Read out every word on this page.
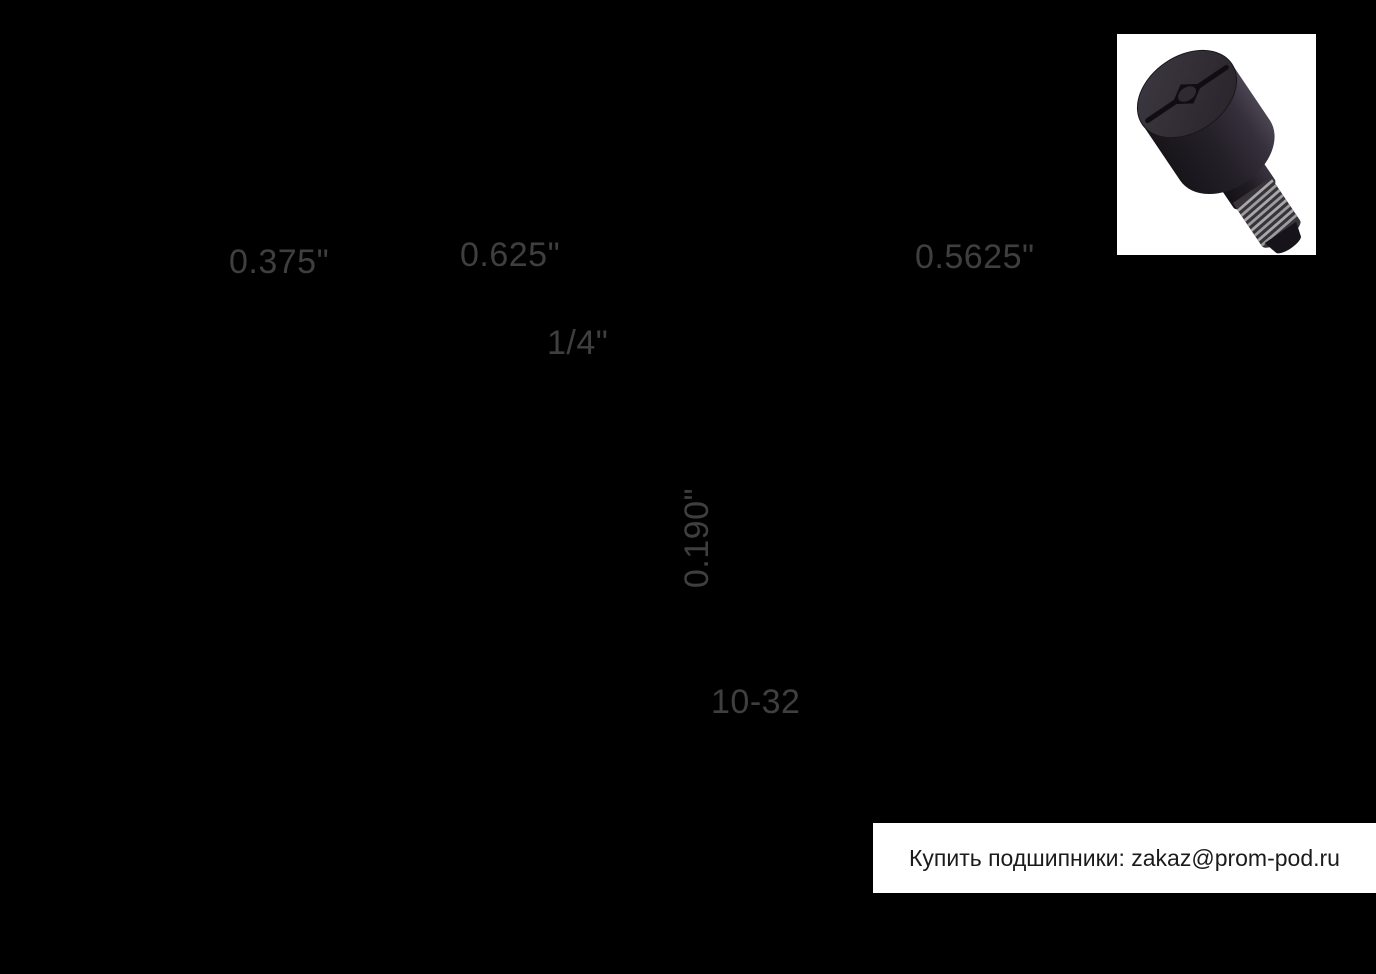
0.375"	0.625"	0.5625"
1/4"
0.190"
10-32
Купить подшипники: zakaz@prom-pod.ru
